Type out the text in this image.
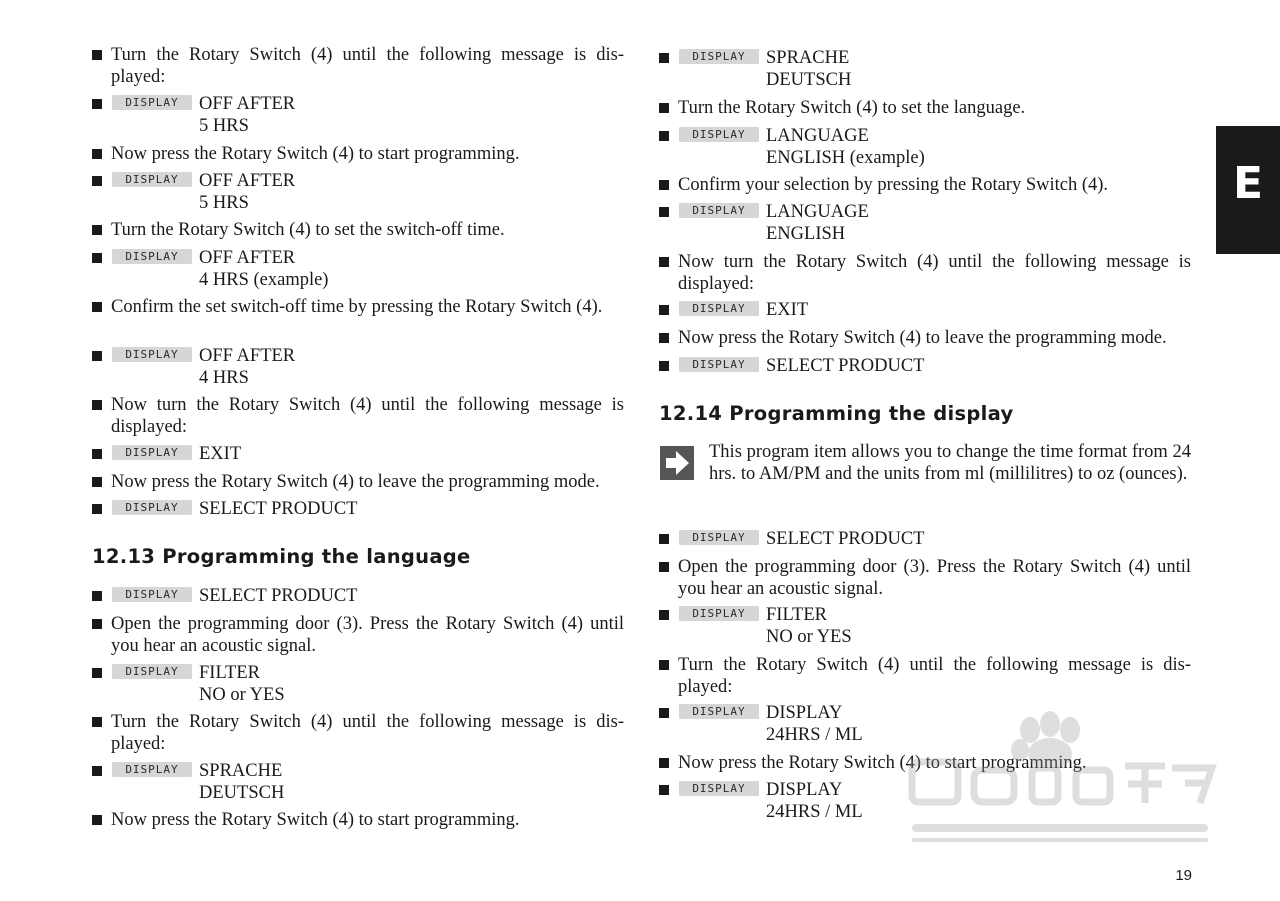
Turn the Rotary Switch (4) until the following message is dis-played:
DISPLAY	OFF AFTER
5 HRS
Now press the Rotary Switch (4) to start programming.
DISPLAY	OFF AFTER
5 HRS
Turn the Rotary Switch (4) to set the switch-off time.
DISPLAY	OFF AFTER
4 HRS (example)
Confirm the set switch-off time by pressing the Rotary Switch (4).
DISPLAY	OFF AFTER
4 HRS
Now turn the Rotary Switch (4) until the following message is displayed:
DISPLAY	EXIT
Now press the Rotary Switch (4) to leave the programming mode.
DISPLAY	SELECT PRODUCT
12.13 Programming the language
DISPLAY	SELECT PRODUCT
Open the programming door (3). Press the Rotary Switch (4) until you hear an acoustic signal.
DISPLAY	FILTER
NO or YES
Turn the Rotary Switch (4) until the following message is dis-played:
DISPLAY	SPRACHE
DEUTSCH
Now press the Rotary Switch (4) to start programming.
DISPLAY	SPRACHE
DEUTSCH
Turn the Rotary Switch (4) to set the language.
DISPLAY	LANGUAGE
ENGLISH (example)
Confirm your selection by pressing the Rotary Switch (4).
DISPLAY	LANGUAGE
ENGLISH
Now turn the Rotary Switch (4) until the following message is displayed:
DISPLAY	EXIT
Now press the Rotary Switch (4) to leave the programming mode.
DISPLAY	SELECT PRODUCT
12.14 Programming the display
This program item allows you to change the time format from 24 hrs. to AM/PM and the units from ml (millilitres) to oz (ounces).
DISPLAY	SELECT PRODUCT
Open the programming door (3). Press the Rotary Switch (4) until you hear an acoustic signal.
DISPLAY	FILTER
NO or YES
Turn the Rotary Switch (4) until the following message is dis-played:
DISPLAY	DISPLAY
24HRS / ML
Now press the Rotary Switch (4) to start programming.
DISPLAY	DISPLAY
24HRS / ML
E
19
